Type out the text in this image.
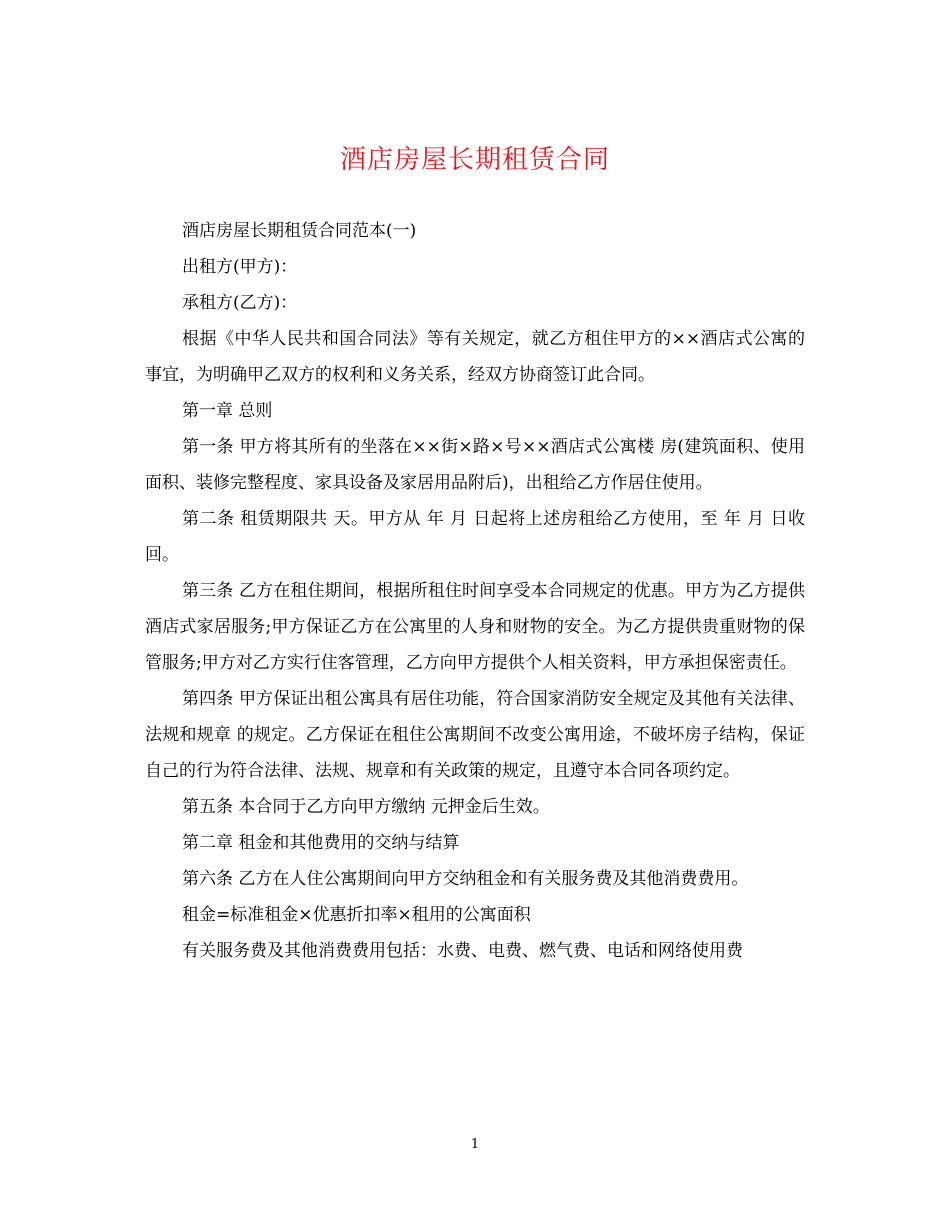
酒店房屋长期租赁合同

酒店房屋长期租赁合同范本(一)

出租方(甲方)：

承租方(乙方)：

根据《中华人民共和国合同法》等有关规定，就乙方租住甲方的××酒店式公寓的事宜，为明确甲乙双方的权利和义务关系，经双方协商签订此合同。

第一章 总则

第一条 甲方将其所有的坐落在××街×路×号××酒店式公寓楼 房(建筑面积、使用面积、装修完整程度、家具设备及家居用品附后)，出租给乙方作居住使用。

第二条 租赁期限共 天。甲方从 年 月 日起将上述房租给乙方使用，至 年 月 日收回。

第三条 乙方在租住期间，根据所租住时间享受本合同规定的优惠。甲方为乙方提供酒店式家居服务;甲方保证乙方在公寓里的人身和财物的安全。为乙方提供贵重财物的保管服务;甲方对乙方实行住客管理，乙方向甲方提供个人相关资料，甲方承担保密责任。

第四条 甲方保证出租公寓具有居住功能，符合国家消防安全规定及其他有关法律、法规和规章 的规定。乙方保证在租住公寓期间不改变公寓用途，不破坏房子结构，保证自己的行为符合法律、法规、规章和有关政策的规定，且遵守本合同各项约定。

第五条 本合同于乙方向甲方缴纳 元押金后生效。

第二章 租金和其他费用的交纳与结算

第六条 乙方在人住公寓期间向甲方交纳租金和有关服务费及其他消费费用。

租金=标准租金×优惠折扣率×租用的公寓面积

有关服务费及其他消费费用包括：水费、电费、燃气费、电话和网络使用费

1
